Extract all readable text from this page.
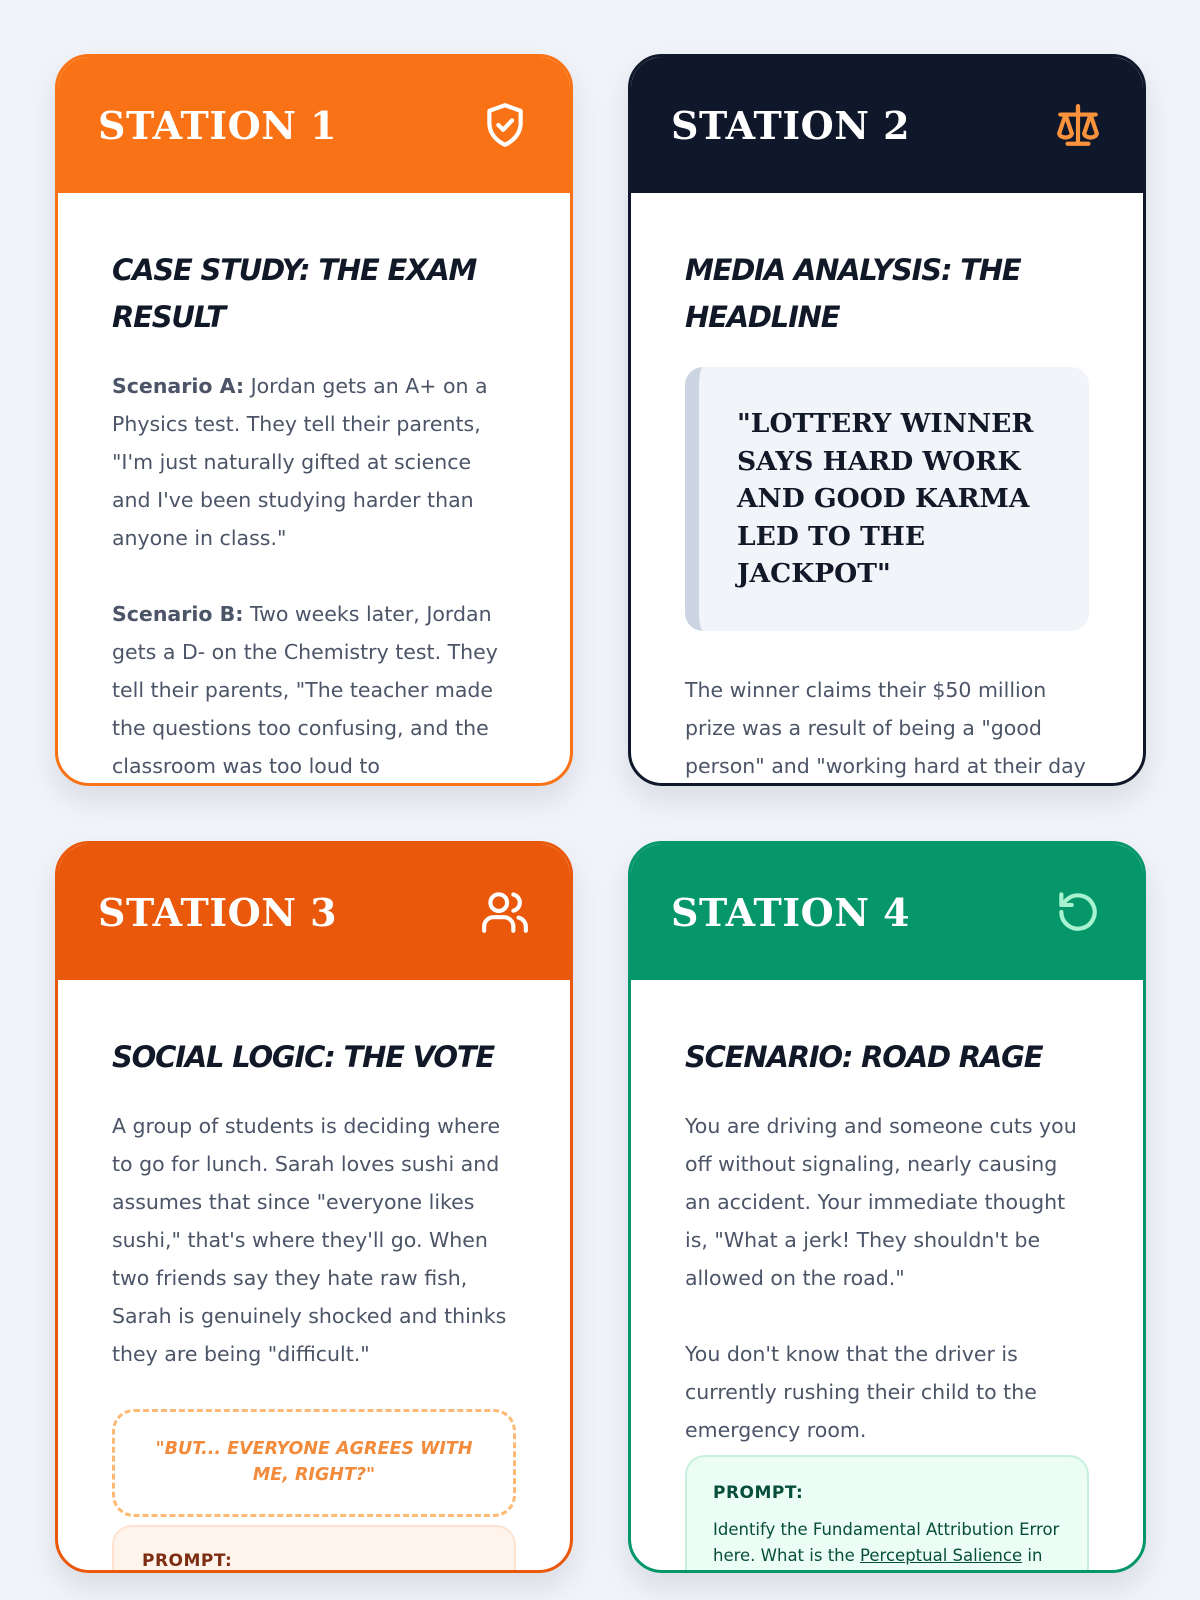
STATION 1
CASE STUDY: THE EXAM RESULT
Scenario A: Jordan gets an A+ on a Physics test. They tell their parents, "I'm just naturally gifted at science and I've been studying harder than anyone in class."
Scenario B: Two weeks later, Jordan gets a D- on the Chemistry test. They tell their parents, "The teacher made the questions too confusing, and the classroom was too loud to
STATION 2
MEDIA ANALYSIS: THE HEADLINE
"LOTTERY WINNER SAYS HARD WORK AND GOOD KARMA LED TO THE JACKPOT"
The winner claims their $50 million prize was a result of being a "good person" and "working hard at their day
STATION 3
SOCIAL LOGIC: THE VOTE
A group of students is deciding where to go for lunch. Sarah loves sushi and assumes that since "everyone likes sushi," that's where they'll go. When two friends say they hate raw fish, Sarah is genuinely shocked and thinks they are being "difficult."
"BUT... EVERYONE AGREES WITH ME, RIGHT?"
PROMPT:
STATION 4
SCENARIO: ROAD RAGE
You are driving and someone cuts you off without signaling, nearly causing an accident. Your immediate thought is, "What a jerk! They shouldn't be allowed on the road."
You don't know that the driver is currently rushing their child to the emergency room.
PROMPT:
Identify the Fundamental Attribution Error here. What is the Perceptual Salience in
